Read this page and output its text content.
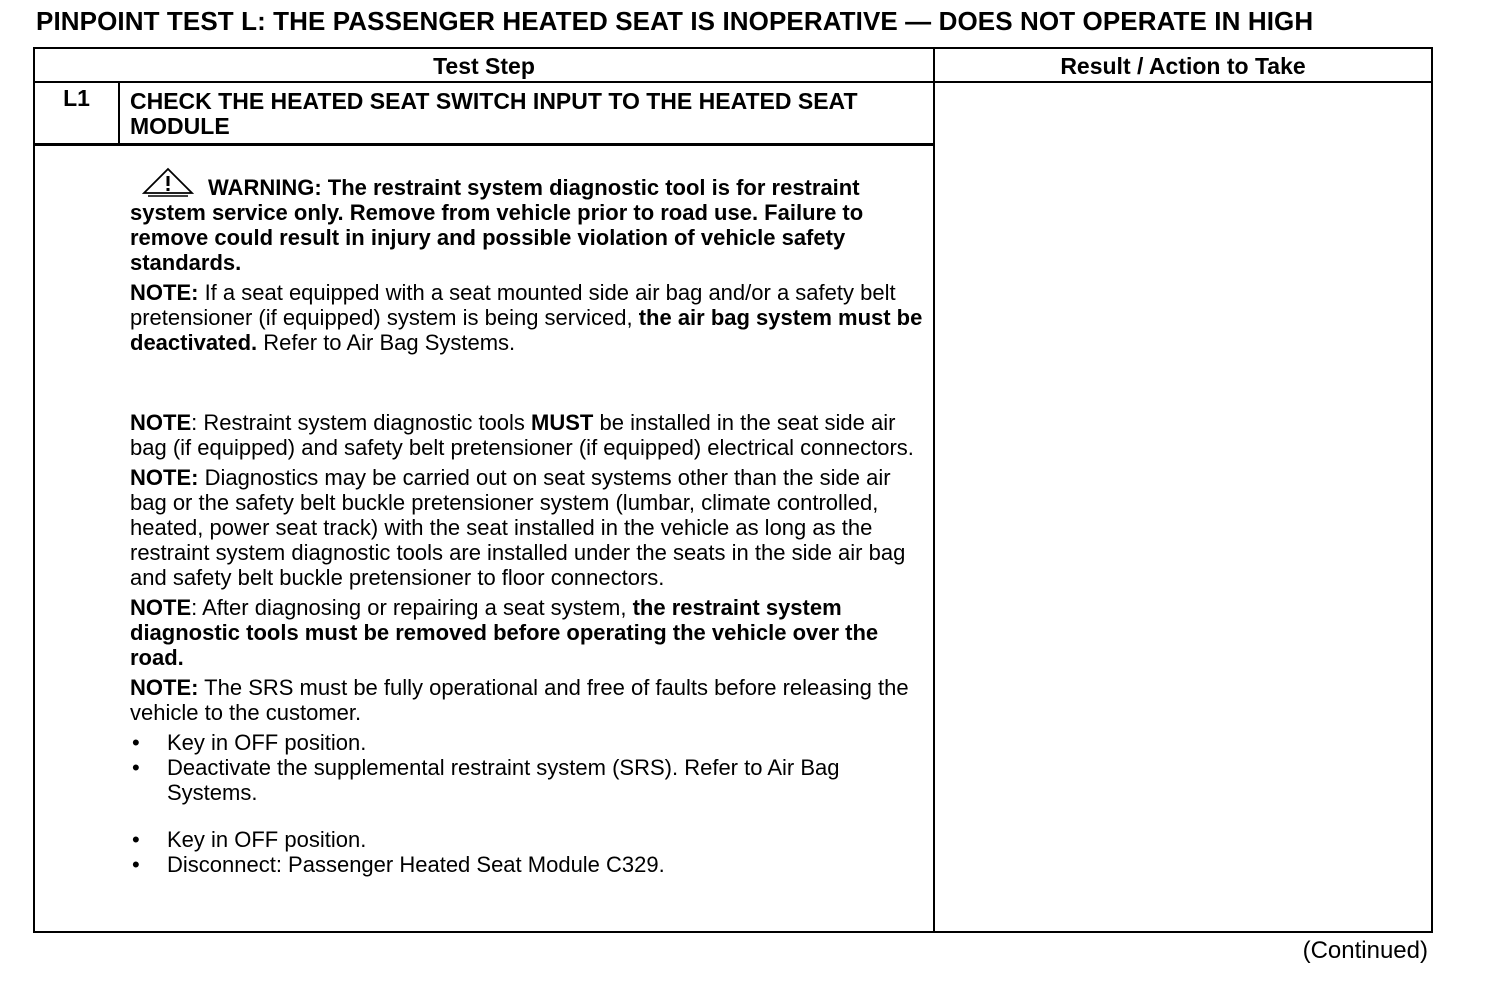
PINPOINT TEST L: THE PASSENGER HEATED SEAT IS INOPERATIVE — DOES NOT OPERATE IN HIGH
Test Step	Result / Action to Take
L1	CHECK THE HEATED SEAT SWITCH INPUT TO THE HEATED SEAT MODULE

WARNING: The restraint system diagnostic tool is for restraint system service only. Remove from vehicle prior to road use. Failure to remove could result in injury and possible violation of vehicle safety standards.

NOTE: If a seat equipped with a seat mounted side air bag and/or a safety belt pretensioner (if equipped) system is being serviced, the air bag system must be deactivated. Refer to Air Bag Systems.

NOTE: Restraint system diagnostic tools MUST be installed in the seat side air bag (if equipped) and safety belt pretensioner (if equipped) electrical connectors.

NOTE: Diagnostics may be carried out on seat systems other than the side air bag or the safety belt buckle pretensioner system (lumbar, climate controlled, heated, power seat track) with the seat installed in the vehicle as long as the restraint system diagnostic tools are installed under the seats in the side air bag and safety belt buckle pretensioner to floor connectors.

NOTE: After diagnosing or repairing a seat system, the restraint system diagnostic tools must be removed before operating the vehicle over the road.

NOTE: The SRS must be fully operational and free of faults before releasing the vehicle to the customer.

• Key in OFF position.
• Deactivate the supplemental restraint system (SRS). Refer to Air Bag Systems.
• Key in OFF position.
• Disconnect: Passenger Heated Seat Module C329.
(Continued)
